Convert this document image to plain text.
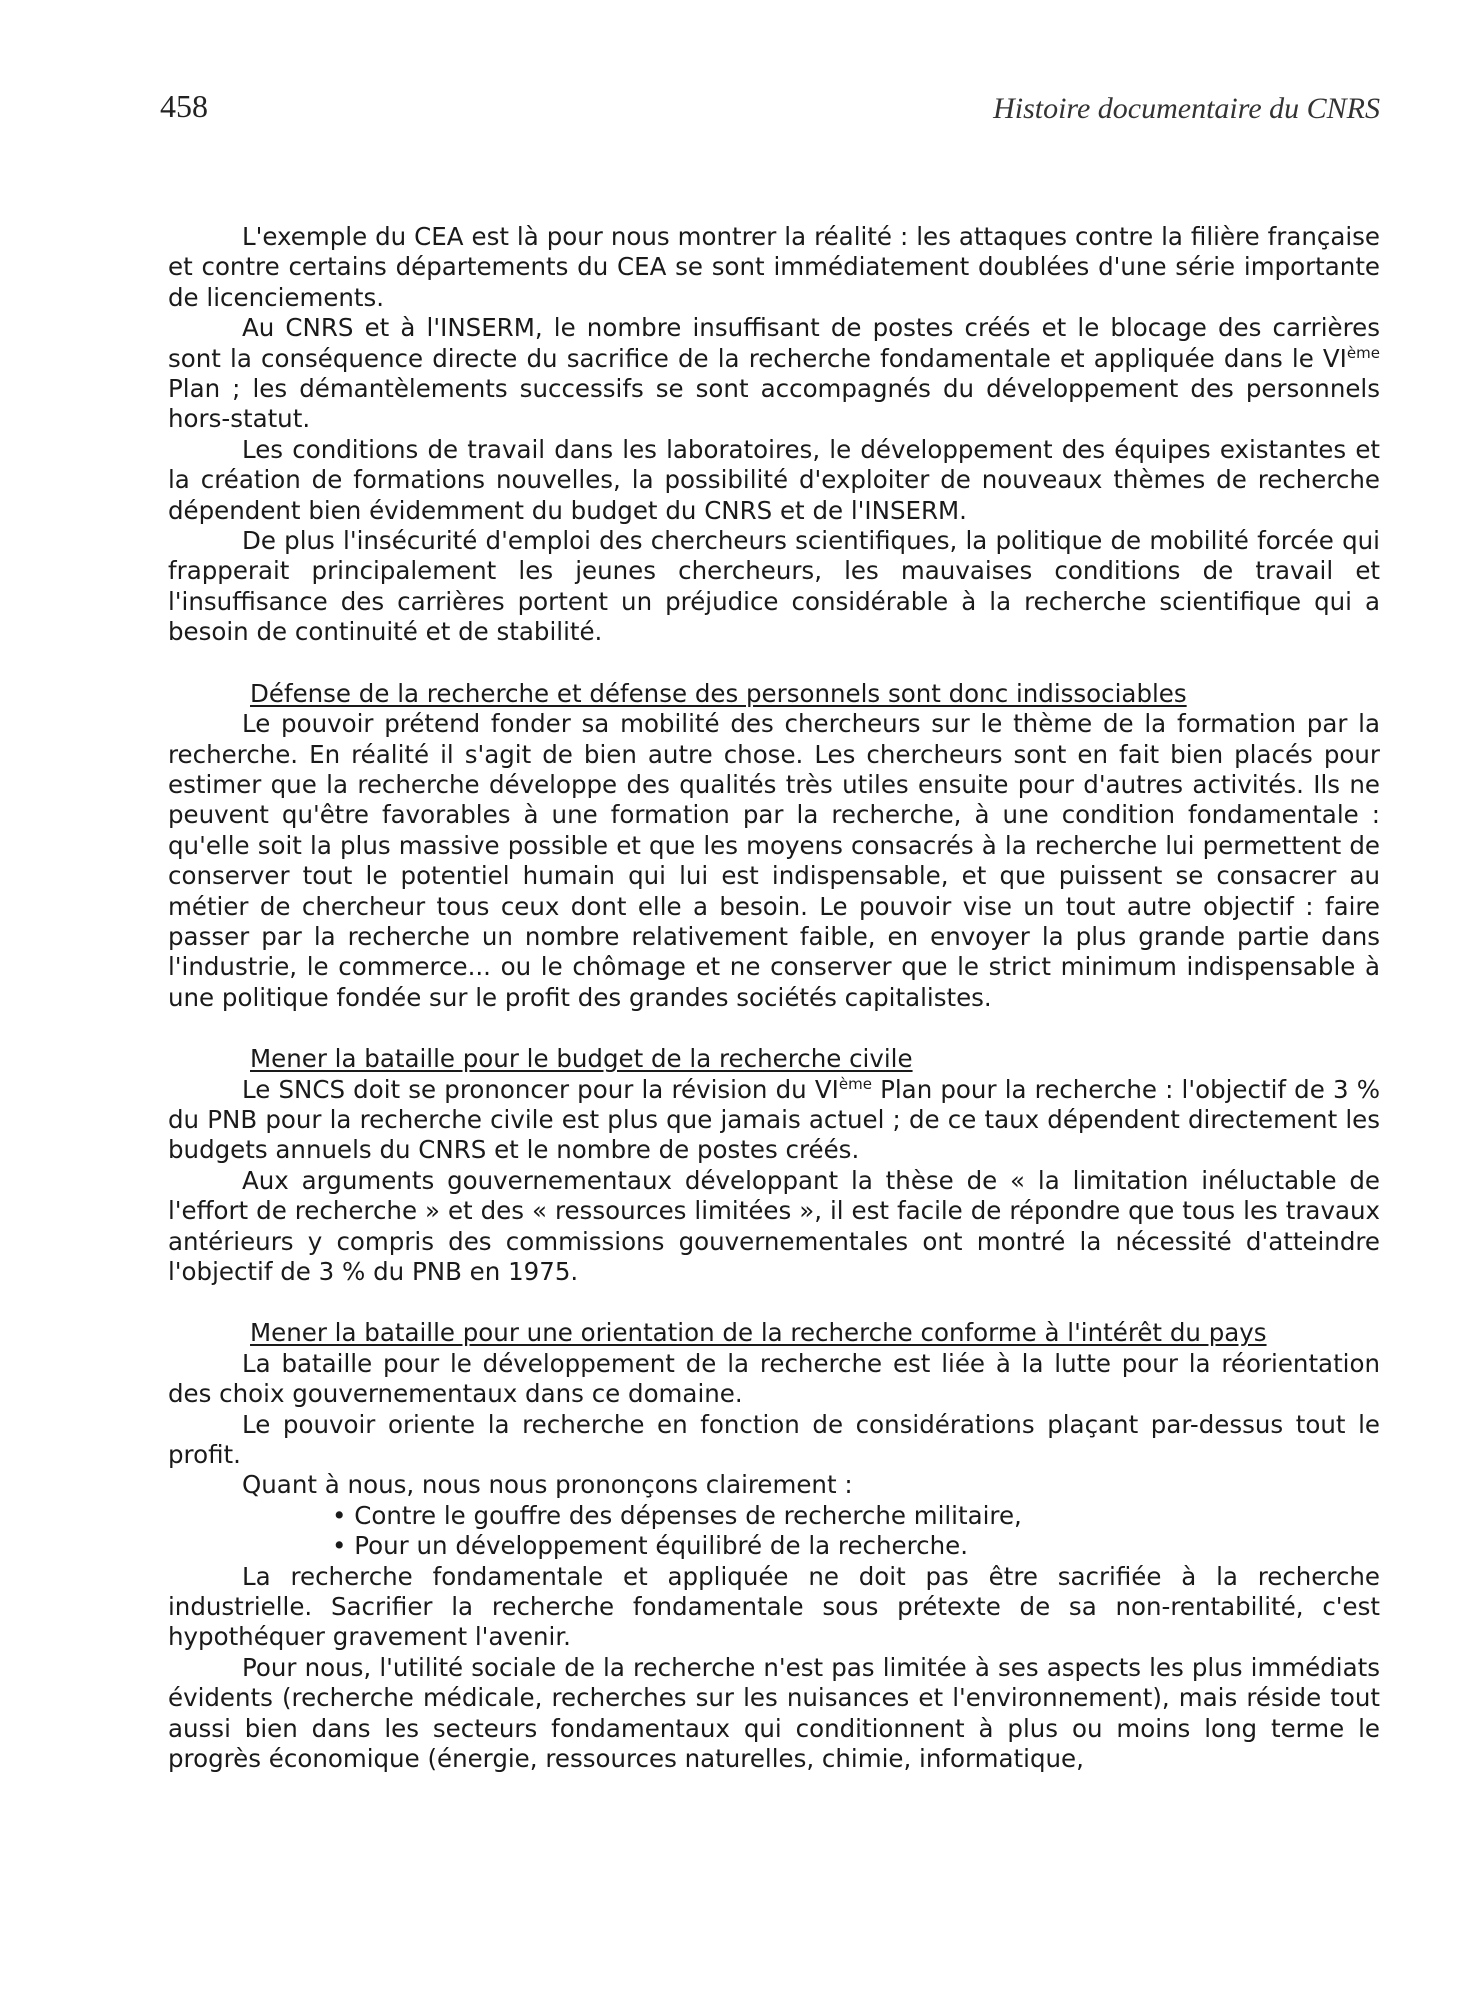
458	Histoire documentaire du CNRS

L'exemple du CEA est là pour nous montrer la réalité : les attaques contre la filière française et contre certains départements du CEA se sont immédiatement doublées d'une série importante de licenciements.

Au CNRS et à l'INSERM, le nombre insuffisant de postes créés et le blocage des carrières sont la conséquence directe du sacrifice de la recherche fondamentale et appliquée dans le VIème Plan ; les démantèlements successifs se sont accompagnés du développement des personnels hors-statut.

Les conditions de travail dans les laboratoires, le développement des équipes existantes et la création de formations nouvelles, la possibilité d'exploiter de nouveaux thèmes de recherche dépendent bien évidemment du budget du CNRS et de l'INSERM.

De plus l'insécurité d'emploi des chercheurs scientifiques, la politique de mobilité forcée qui frapperait principalement les jeunes chercheurs, les mauvaises conditions de travail et l'insuffisance des carrières portent un préjudice considérable à la recherche scientifique qui a besoin de continuité et de stabilité.

Défense de la recherche et défense des personnels sont donc indissociables

Le pouvoir prétend fonder sa mobilité des chercheurs sur le thème de la formation par la recherche. En réalité il s'agit de bien autre chose. Les chercheurs sont en fait bien placés pour estimer que la recherche développe des qualités très utiles ensuite pour d'autres activités. Ils ne peuvent qu'être favorables à une formation par la recherche, à une condition fondamentale : qu'elle soit la plus massive possible et que les moyens consacrés à la recherche lui permettent de conserver tout le potentiel humain qui lui est indispensable, et que puissent se consacrer au métier de chercheur tous ceux dont elle a besoin. Le pouvoir vise un tout autre objectif : faire passer par la recherche un nombre relativement faible, en envoyer la plus grande partie dans l'industrie, le commerce... ou le chômage et ne conserver que le strict minimum indispensable à une politique fondée sur le profit des grandes sociétés capitalistes.

Mener la bataille pour le budget de la recherche civile

Le SNCS doit se prononcer pour la révision du VIème Plan pour la recherche : l'objectif de 3 % du PNB pour la recherche civile est plus que jamais actuel ; de ce taux dépendent directement les budgets annuels du CNRS et le nombre de postes créés.

Aux arguments gouvernementaux développant la thèse de « la limitation inéluctable de l'effort de recherche » et des « ressources limitées », il est facile de répondre que tous les travaux antérieurs y compris des commissions gouvernementales ont montré la nécessité d'atteindre l'objectif de 3 % du PNB en 1975.

Mener la bataille pour une orientation de la recherche conforme à l'intérêt du pays

La bataille pour le développement de la recherche est liée à la lutte pour la réorientation des choix gouvernementaux dans ce domaine.

Le pouvoir oriente la recherche en fonction de considérations plaçant par-dessus tout le profit.

Quant à nous, nous nous prononçons clairement :

• Contre le gouffre des dépenses de recherche militaire,

• Pour un développement équilibré de la recherche.

La recherche fondamentale et appliquée ne doit pas être sacrifiée à la recherche industrielle. Sacrifier la recherche fondamentale sous prétexte de sa non-rentabilité, c'est hypothéquer gravement l'avenir.

Pour nous, l'utilité sociale de la recherche n'est pas limitée à ses aspects les plus immédiats évidents (recherche médicale, recherches sur les nuisances et l'environnement), mais réside tout aussi bien dans les secteurs fondamentaux qui conditionnent à plus ou moins long terme le progrès économique (énergie, ressources naturelles, chimie, informatique,
